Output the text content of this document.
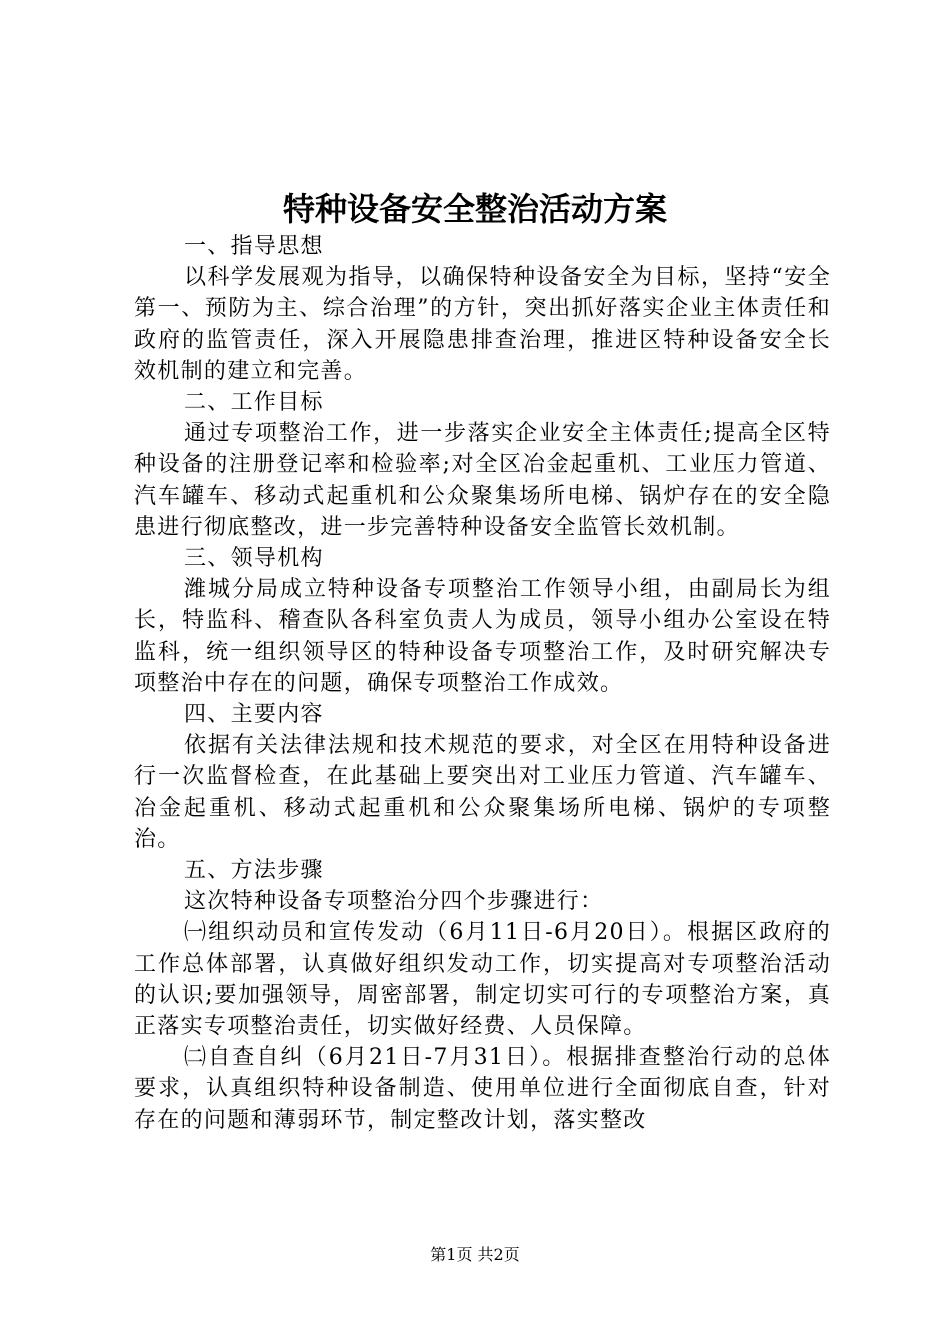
特种设备安全整治活动方案

一、指导思想

以科学发展观为指导，以确保特种设备安全为目标，坚持“安全第一、预防为主、综合治理”的方针，突出抓好落实企业主体责任和政府的监管责任，深入开展隐患排查治理，推进区特种设备安全长效机制的建立和完善。

二、工作目标

通过专项整治工作，进一步落实企业安全主体责任;提高全区特种设备的注册登记率和检验率;对全区冶金起重机、工业压力管道、汽车罐车、移动式起重机和公众聚集场所电梯、锅炉存在的安全隐患进行彻底整改，进一步完善特种设备安全监管长效机制。

三、领导机构

潍城分局成立特种设备专项整治工作领导小组，由副局长为组长，特监科、稽查队各科室负责人为成员，领导小组办公室设在特监科，统一组织领导区的特种设备专项整治工作，及时研究解决专项整治中存在的问题，确保专项整治工作成效。

四、主要内容

依据有关法律法规和技术规范的要求，对全区在用特种设备进行一次监督检查，在此基础上要突出对工业压力管道、汽车罐车、冶金起重机、移动式起重机和公众聚集场所电梯、锅炉的专项整治。

五、方法步骤

这次特种设备专项整治分四个步骤进行：

㈠组织动员和宣传发动（6月11日-6月20日）。根据区政府的工作总体部署，认真做好组织发动工作，切实提高对专项整治活动的认识;要加强领导，周密部署，制定切实可行的专项整治方案，真正落实专项整治责任，切实做好经费、人员保障。

㈡自查自纠（6月21日-7月31日）。根据排查整治行动的总体要求，认真组织特种设备制造、使用单位进行全面彻底自查，针对存在的问题和薄弱环节，制定整改计划，落实整改

第1页 共2页
